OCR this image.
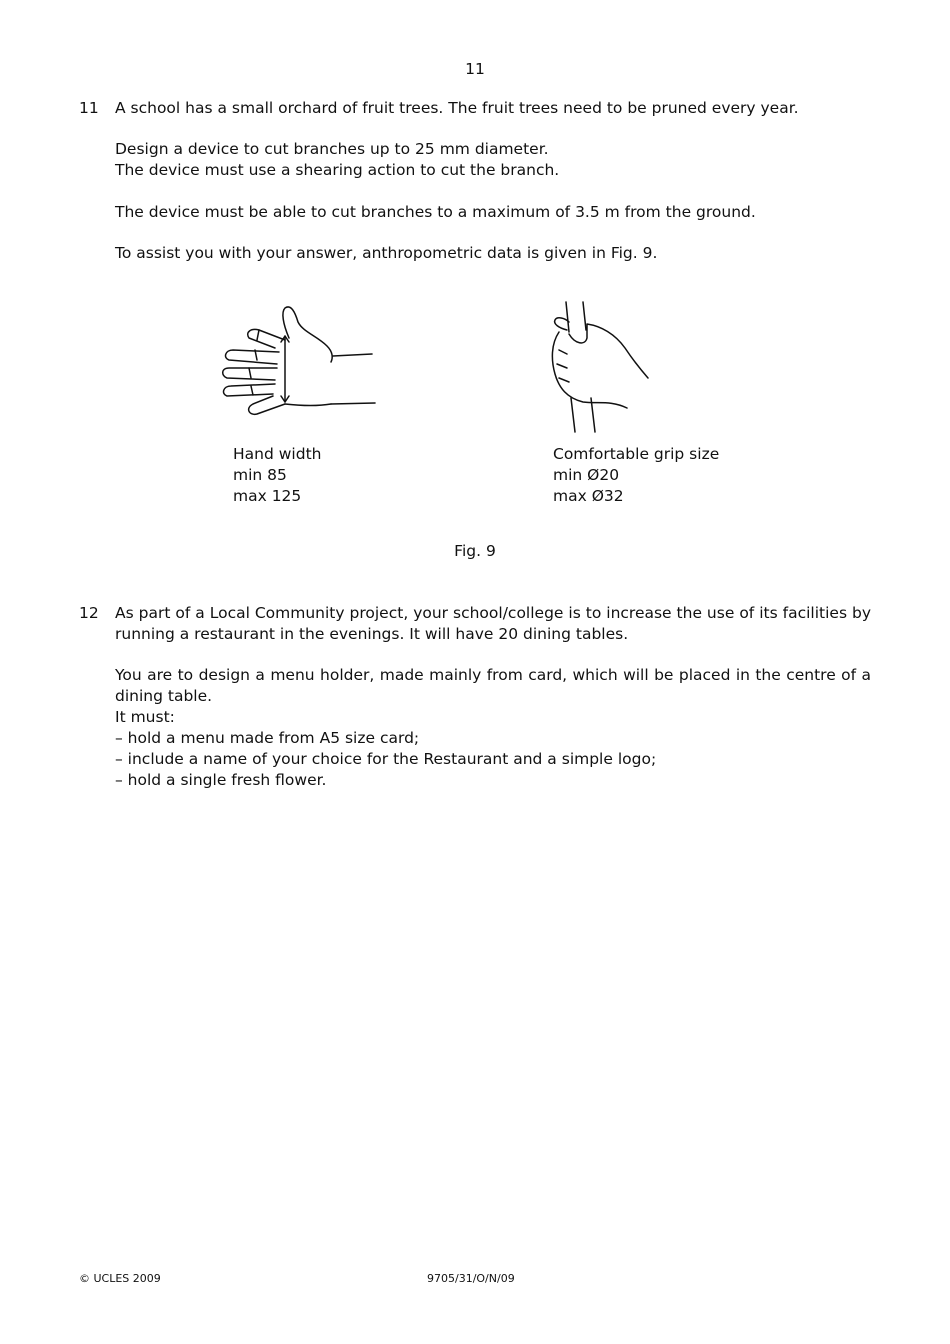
11
11 A school has a small orchard of fruit trees. The fruit trees need to be pruned every year.
Design a device to cut branches up to 25 mm diameter.
The device must use a shearing action to cut the branch.
The device must be able to cut branches to a maximum of 3.5 m from the ground.
To assist you with your answer, anthropometric data is given in Fig. 9.
Hand width
min 85
max 125
Comfortable grip size
min Ø20
max Ø32
Fig. 9
12 As part of a Local Community project, your school/college is to increase the use of its facilities by running a restaurant in the evenings. It will have 20 dining tables.
You are to design a menu holder, made mainly from card, which will be placed in the centre of a dining table.
It must:
– hold a menu made from A5 size card;
– include a name of your choice for the Restaurant and a simple logo;
– hold a single fresh flower.
© UCLES 2009	9705/31/O/N/09
